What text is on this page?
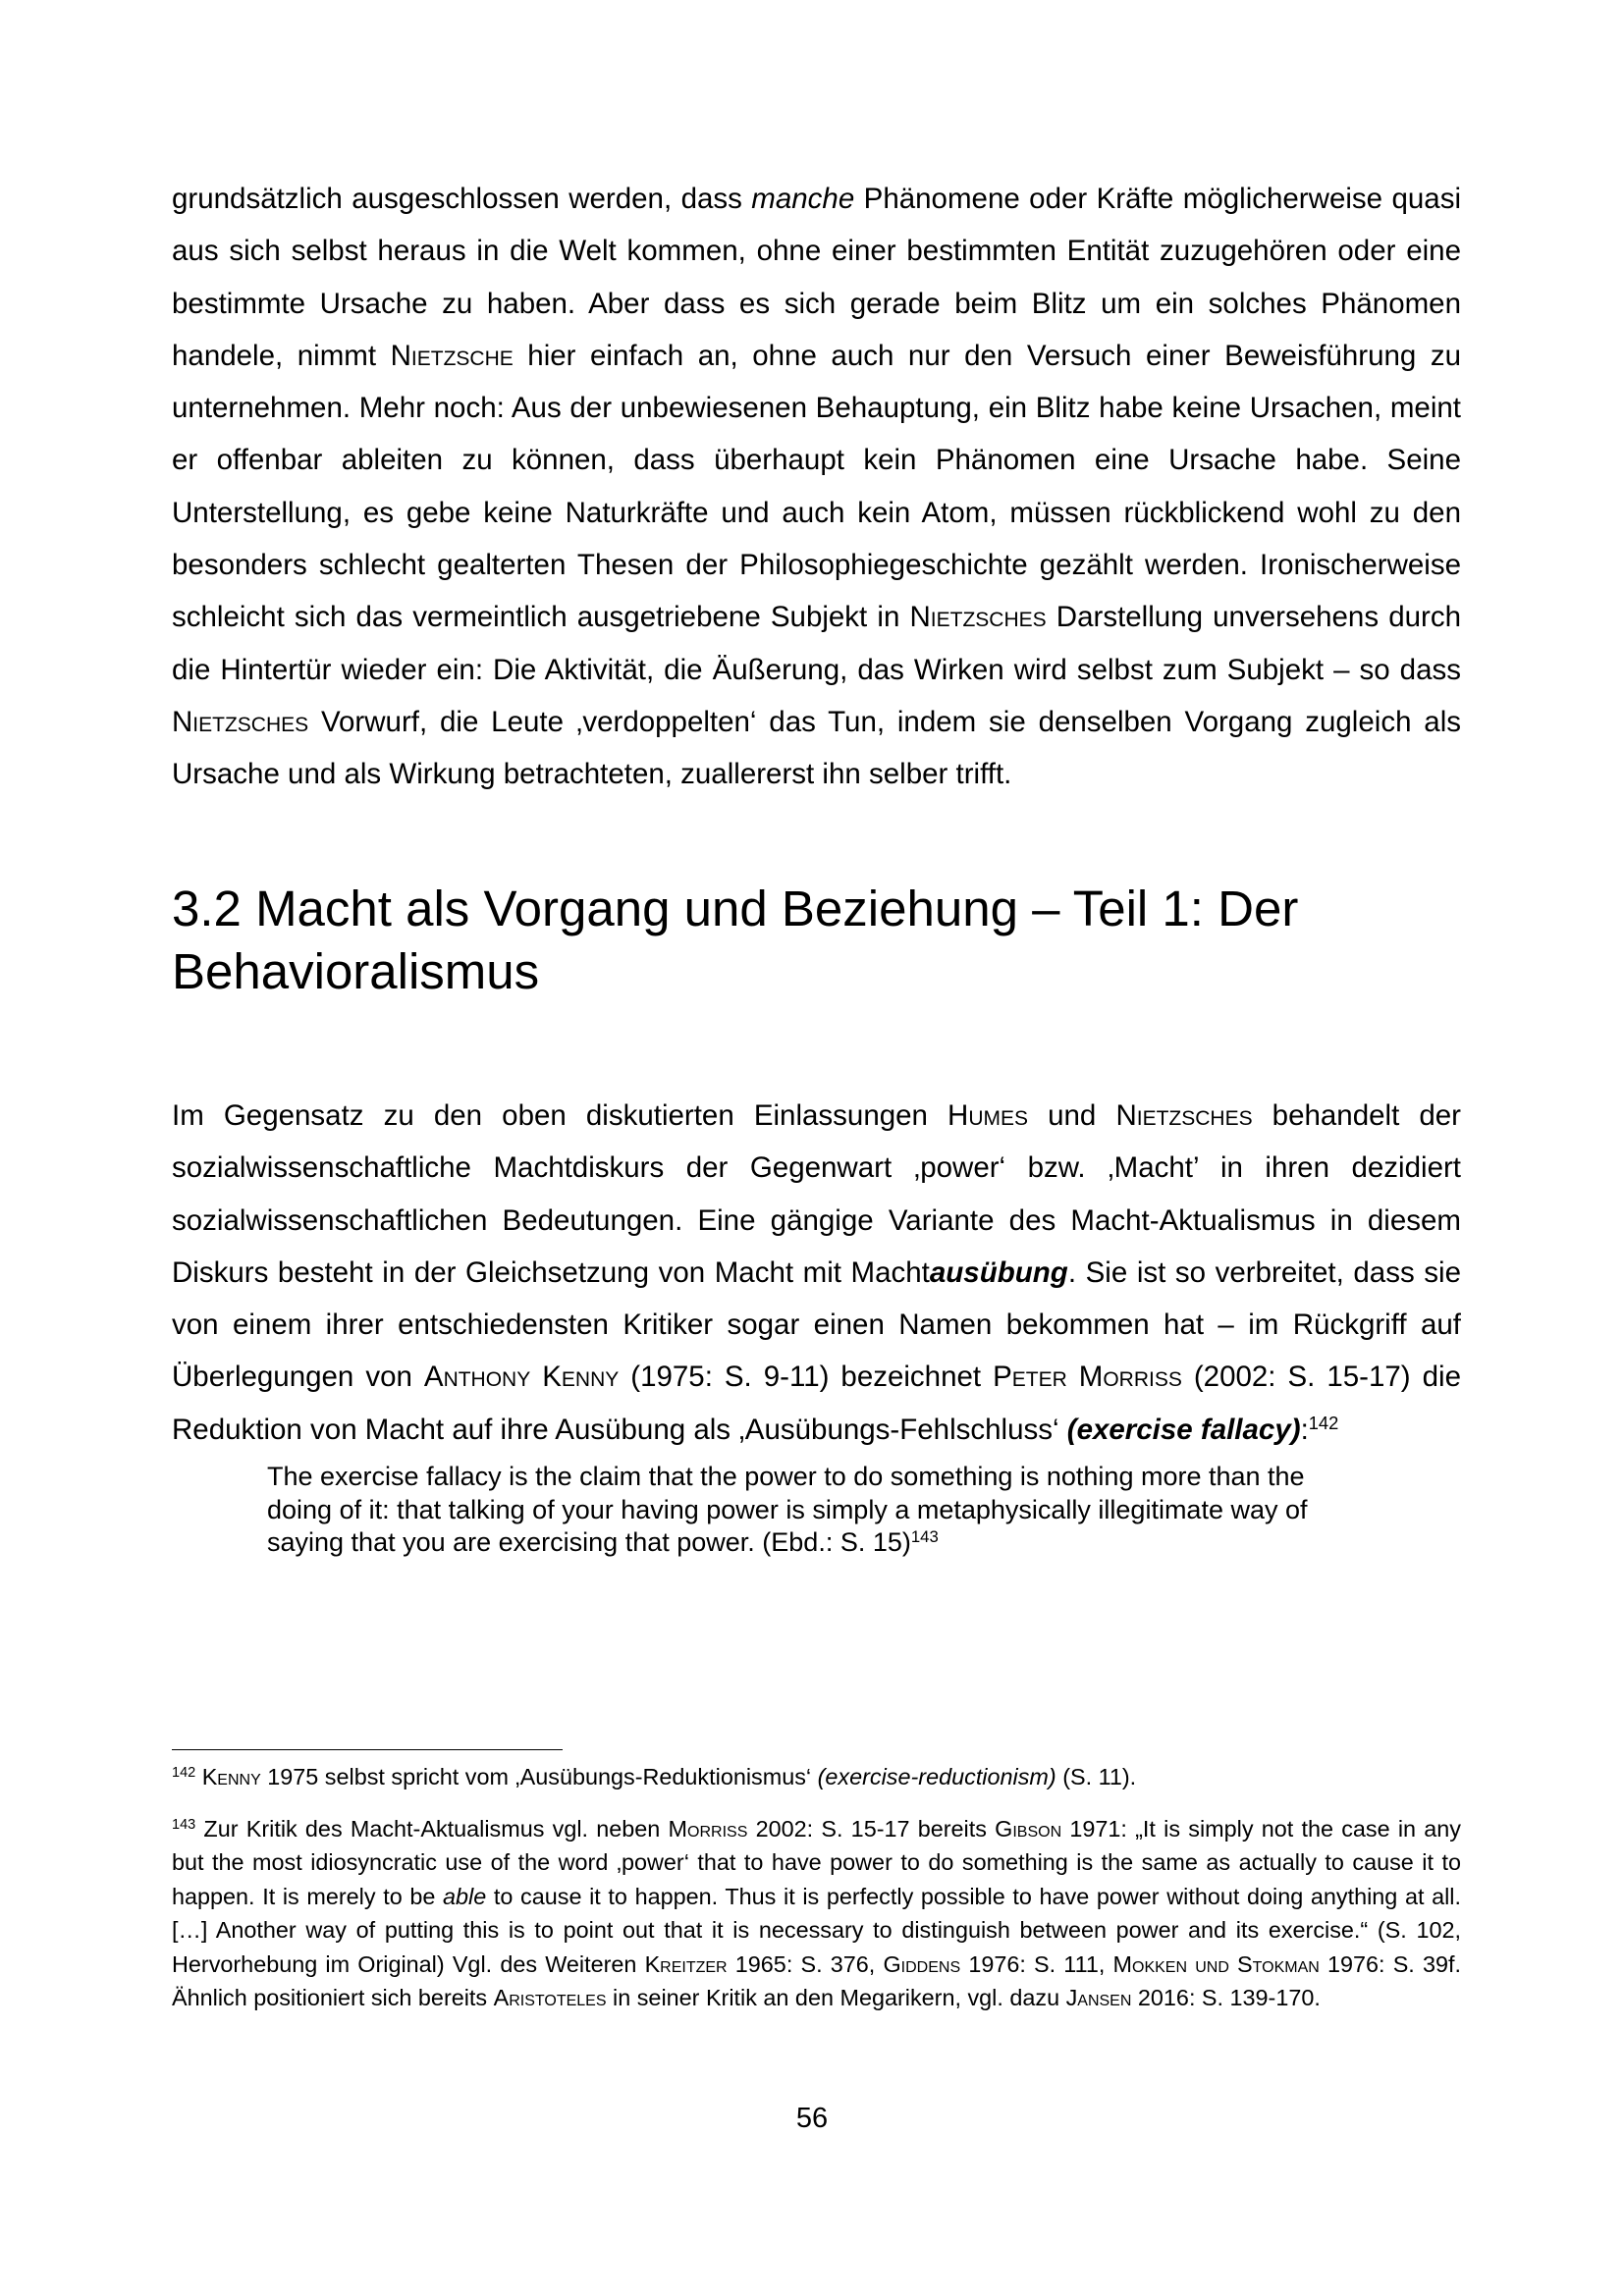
grundsätzlich ausgeschlossen werden, dass manche Phänomene oder Kräfte möglicherweise quasi aus sich selbst heraus in die Welt kommen, ohne einer bestimmten Entität zuzugehören oder eine bestimmte Ursache zu haben. Aber dass es sich gerade beim Blitz um ein solches Phänomen handele, nimmt Nietzsche hier einfach an, ohne auch nur den Versuch einer Beweisführung zu unternehmen. Mehr noch: Aus der unbewiesenen Behauptung, ein Blitz habe keine Ursachen, meint er offenbar ableiten zu können, dass überhaupt kein Phänomen eine Ursache habe. Seine Unterstellung, es gebe keine Naturkräfte und auch kein Atom, müssen rückblickend wohl zu den besonders schlecht gealterten Thesen der Philosophiegeschichte gezählt werden. Ironischerweise schleicht sich das vermeintlich ausgetriebene Subjekt in Nietzsches Darstellung unversehens durch die Hintertür wieder ein: Die Aktivität, die Äußerung, das Wirken wird selbst zum Subjekt – so dass Nietzsches Vorwurf, die Leute ‚verdoppelten‘ das Tun, indem sie denselben Vorgang zugleich als Ursache und als Wirkung betrachteten, zuallererst ihn selber trifft.

3.2 Macht als Vorgang und Beziehung – Teil 1: Der
Behavioralismus

Im Gegensatz zu den oben diskutierten Einlassungen Humes und Nietzsches behandelt der sozialwissenschaftliche Machtdiskurs der Gegenwart ‚power‘ bzw. ‚Macht’ in ihren dezidiert sozialwissenschaftlichen Bedeutungen. Eine gängige Variante des Macht-Aktualismus in diesem Diskurs besteht in der Gleichsetzung von Macht mit Machtausübung. Sie ist so verbreitet, dass sie von einem ihrer entschiedensten Kritiker sogar einen Namen bekommen hat – im Rückgriff auf Überlegungen von Anthony Kenny (1975: S. 9-11) bezeichnet Peter Morriss (2002: S. 15-17) die Reduktion von Macht auf ihre Ausübung als ‚Ausübungs-Fehlschluss‘ (exercise fallacy):$^{142}$

The exercise fallacy is the claim that the power to do something is nothing more than the doing of it: that talking of your having power is simply a metaphysically illegitimate way of saying that you are exercising that power. (Ebd.: S. 15)$^{143}$

$^{142}$ Kenny 1975 selbst spricht vom ‚Ausübungs-Reduktionismus‘ (exercise-reductionism) (S. 11).

$^{143}$ Zur Kritik des Macht-Aktualismus vgl. neben Morriss 2002: S. 15-17 bereits Gibson 1971: „It is simply not the case in any but the most idiosyncratic use of the word ‚power‘ that to have power to do something is the same as actually to cause it to happen. It is merely to be able to cause it to happen. Thus it is perfectly possible to have power without doing anything at all. […] Another way of putting this is to point out that it is necessary to distinguish between power and its exercise.“ (S. 102, Hervorhebung im Original) Vgl. des Weiteren Kreitzer 1965: S. 376, Giddens 1976: S. 111, Mokken und Stokman 1976: S. 39f. Ähnlich positioniert sich bereits Aristoteles in seiner Kritik an den Megarikern, vgl. dazu Jansen 2016: S. 139-170.

56
